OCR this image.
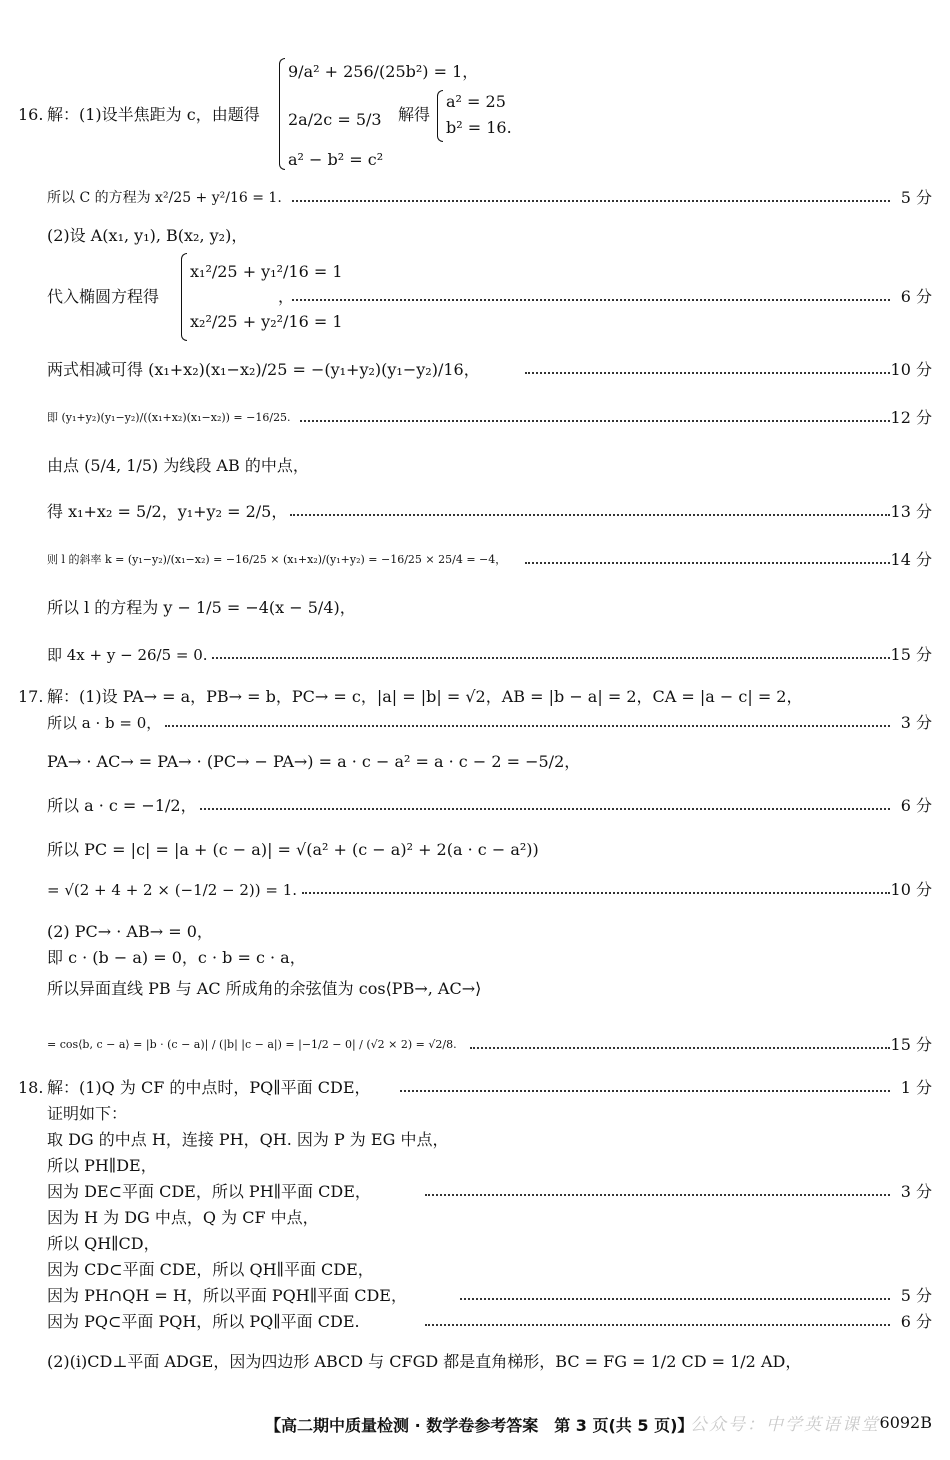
16. 解：(1)设半焦距为 c，由题得
9/a² + 256/(25b²) = 1，
2a/2c = 5/3
a² − b² = c²
解得
a² = 25
b² = 16.
所以 C 的方程为 x²/25 + y²/16 = 1.	5 分
(2)设 A(x₁, y₁), B(x₂, y₂)，
代入椭圆方程得	6 分
x₁²/25 + y₁²/16 = 1
x₂²/25 + y₂²/16 = 1
，
两式相减可得 (x₁+x₂)(x₁−x₂)/25 = −(y₁+y₂)(y₁−y₂)/16，	10 分
即 (y₁+y₂)(y₁−y₂)/((x₁+x₂)(x₁−x₂)) = −16/25.	12 分
由点 (5/4, 1/5) 为线段 AB 的中点，
得 x₁+x₂ = 5/2，y₁+y₂ = 2/5，	13 分
则 l 的斜率 k = (y₁−y₂)/(x₁−x₂) = −16/25 × (x₁+x₂)/(y₁+y₂) = −16/25 × 25/4 = −4，	14 分
所以 l 的方程为 y − 1/5 = −4(x − 5/4)，
即 4x + y − 26/5 = 0.	15 分
17. 解：(1)设 PA→ = a，PB→ = b，PC→ = c，|a| = |b| = √2，AB = |b − a| = 2，CA = |a − c| = 2，
所以 a · b = 0，	3 分
PA→ · AC→ = PA→ · (PC→ − PA→) = a · c − a² = a · c − 2 = −5/2，
所以 a · c = −1/2，	6 分
所以 PC = |c| = |a + (c − a)| = √(a² + (c − a)² + 2(a · c − a²))
= √(2 + 4 + 2 × (−1/2 − 2)) = 1.	10 分
(2) PC→ · AB→ = 0，
即 c · (b − a) = 0，c · b = c · a，
所以异面直线 PB 与 AC 所成角的余弦值为 cos⟨PB→, AC→⟩
= cos⟨b, c − a⟩ = |b · (c − a)| / (|b| |c − a|) = |−1/2 − 0| / (√2 × 2) = √2/8.	15 分
18. 解：(1)Q 为 CF 的中点时，PQ∥平面 CDE，	1 分
证明如下：
取 DG 的中点 H，连接 PH，QH. 因为 P 为 EG 中点，
所以 PH∥DE，
因为 DE⊂平面 CDE，所以 PH∥平面 CDE，	3 分
因为 H 为 DG 中点，Q 为 CF 中点，
所以 QH∥CD，
因为 CD⊂平面 CDE，所以 QH∥平面 CDE，
因为 PH∩QH = H，所以平面 PQH∥平面 CDE，	5 分
因为 PQ⊂平面 PQH，所以 PQ∥平面 CDE.	6 分
(2)(i)CD⊥平面 ADGE，因为四边形 ABCD 与 CFGD 都是直角梯形，BC = FG = 1/2 CD = 1/2 AD，
【高二期中质量检测 · 数学卷参考答案　第 3 页(共 5 页)】
公众号：中学英语课堂 6092B
